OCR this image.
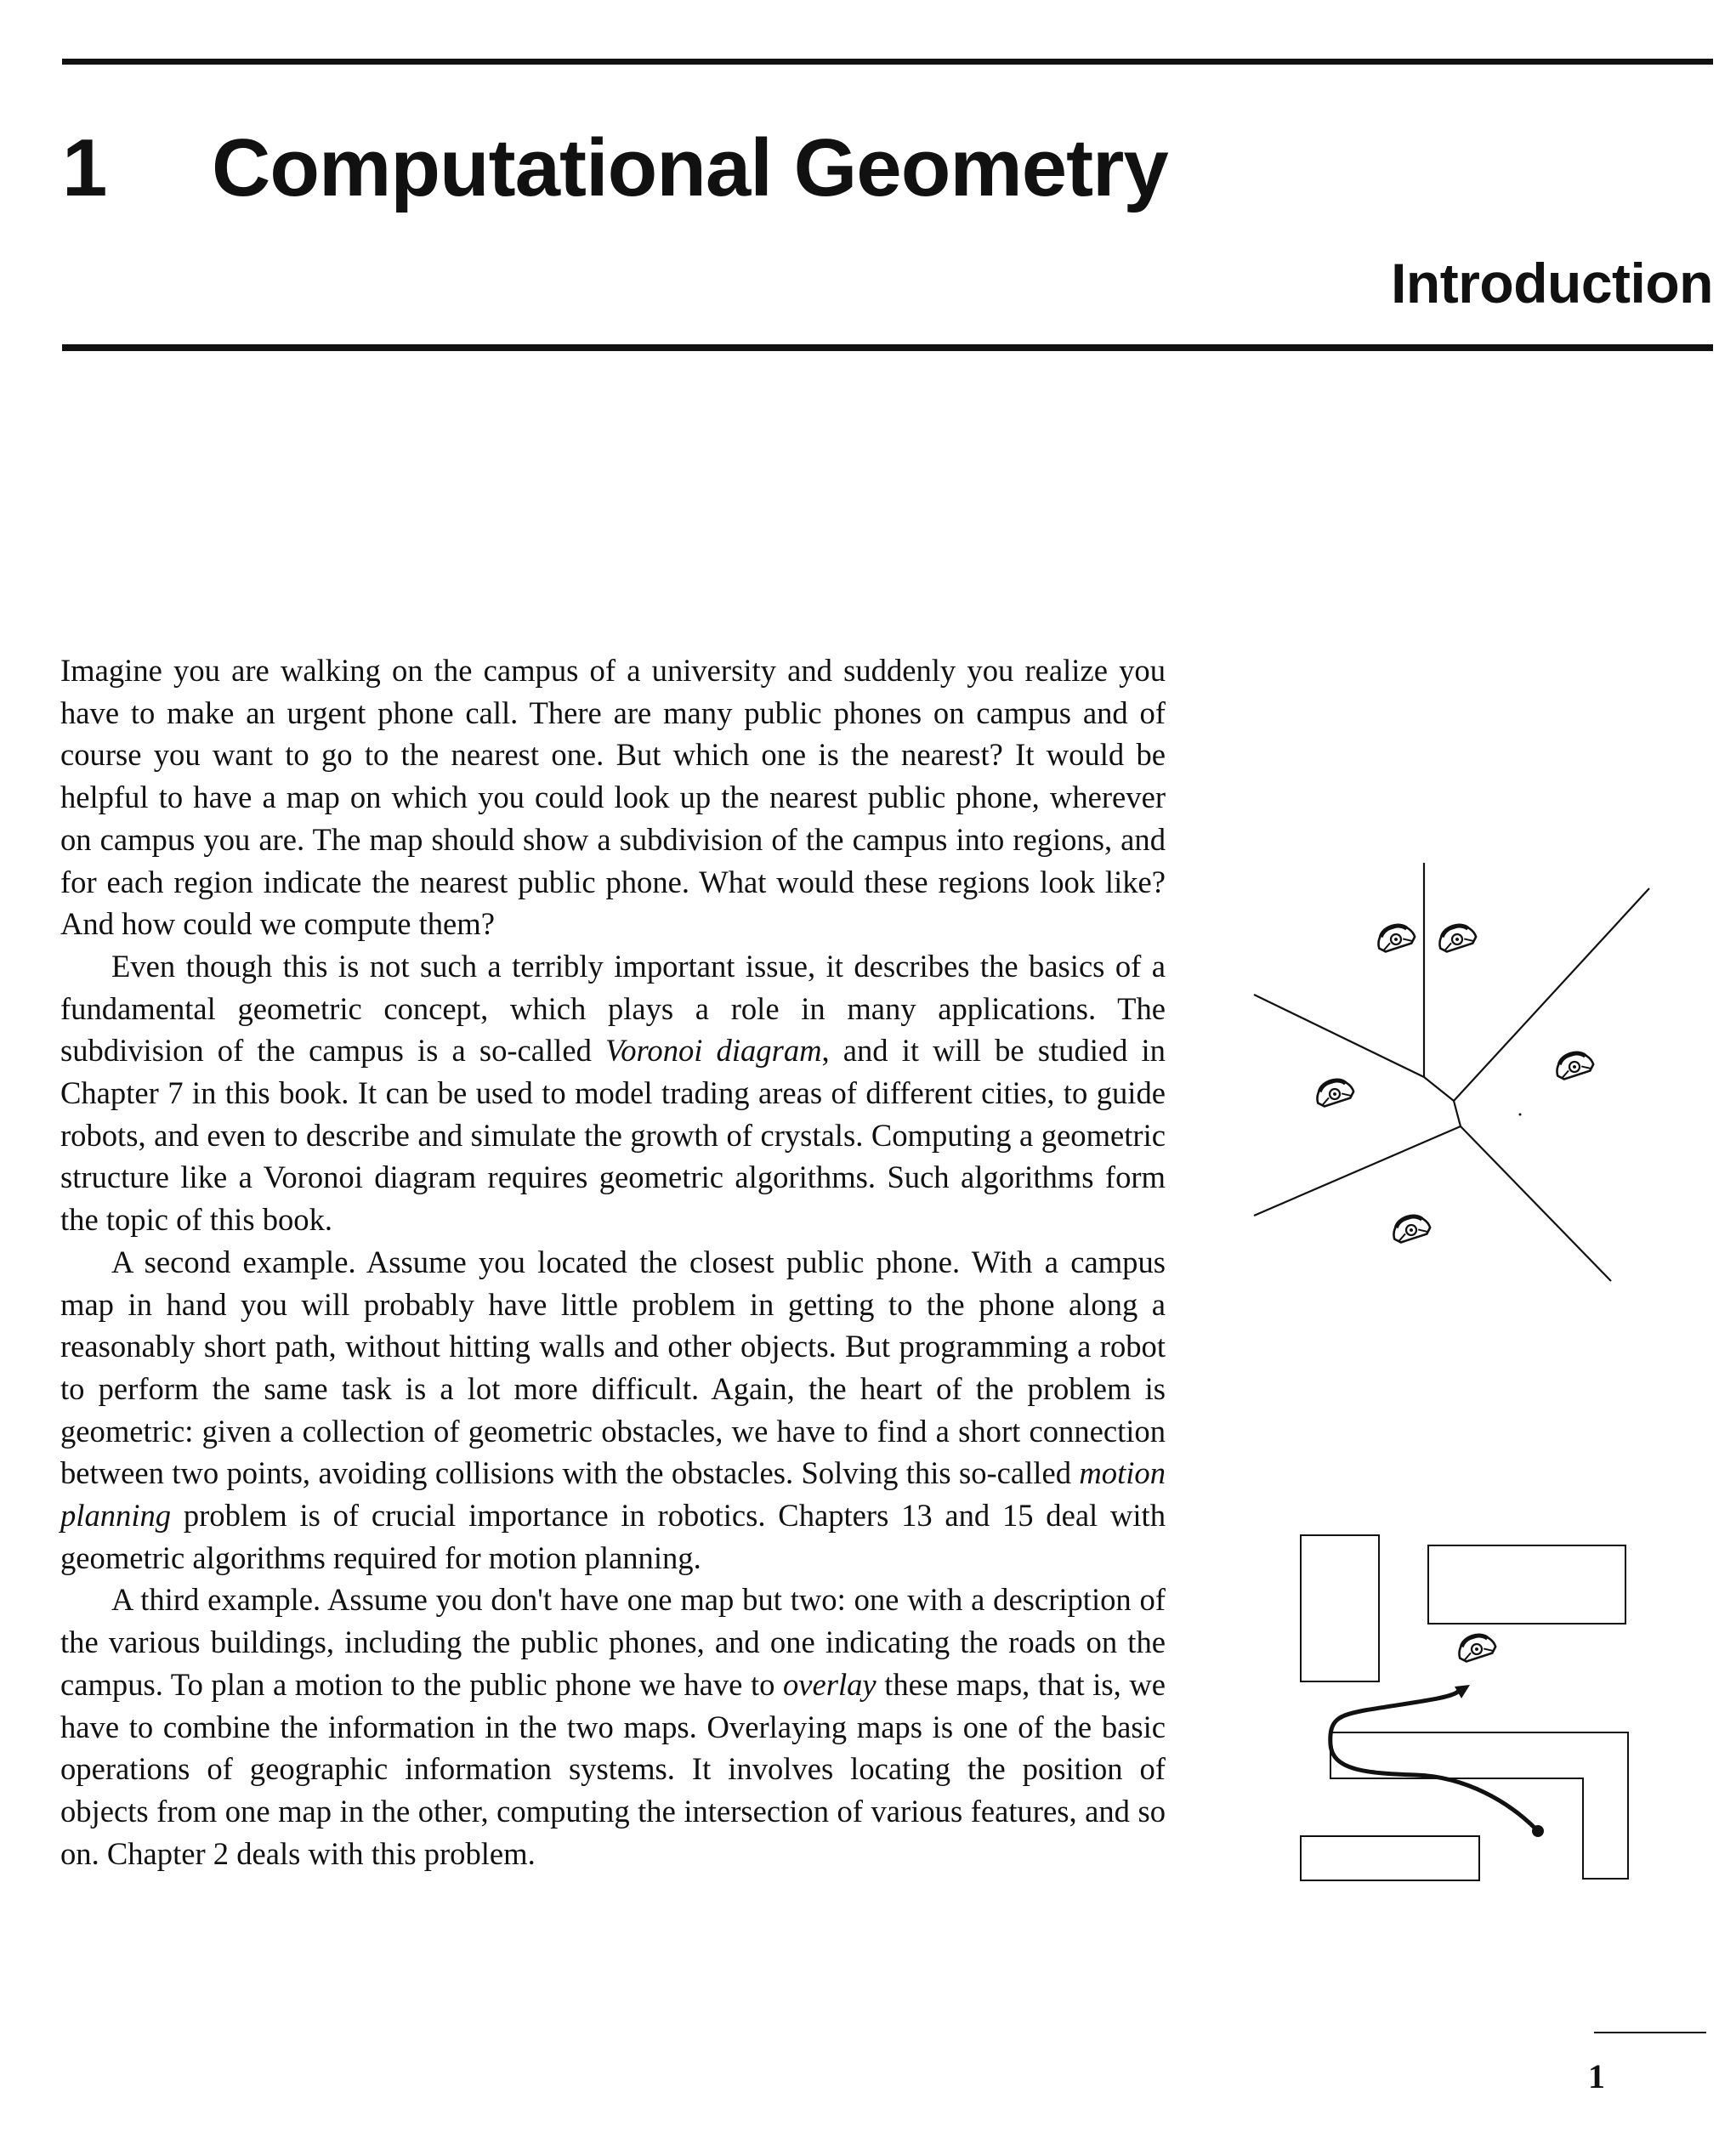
1 Computational Geometry
Introduction

Imagine you are walking on the campus of a university and suddenly you realize you have to make an urgent phone call. There are many public phones on campus and of course you want to go to the nearest one. But which one is the nearest? It would be helpful to have a map on which you could look up the nearest public phone, wherever on campus you are. The map should show a subdivision of the campus into regions, and for each region indicate the nearest public phone. What would these regions look like? And how could we compute them?

Even though this is not such a terribly important issue, it describes the basics of a fundamental geometric concept, which plays a role in many applications. The subdivision of the campus is a so-called Voronoi diagram, and it will be studied in Chapter 7 in this book. It can be used to model trading areas of different cities, to guide robots, and even to describe and simulate the growth of crystals. Computing a geometric structure like a Voronoi diagram requires geometric algorithms. Such algorithms form the topic of this book.

A second example. Assume you located the closest public phone. With a campus map in hand you will probably have little problem in getting to the phone along a reasonably short path, without hitting walls and other objects. But programming a robot to perform the same task is a lot more difficult. Again, the heart of the problem is geometric: given a collection of geometric obstacles, we have to find a short connection between two points, avoiding collisions with the obstacles. Solving this so-called motion planning problem is of crucial importance in robotics. Chapters 13 and 15 deal with geometric algorithms required for motion planning.

A third example. Assume you don't have one map but two: one with a description of the various buildings, including the public phones, and one indicating the roads on the campus. To plan a motion to the public phone we have to overlay these maps, that is, we have to combine the information in the two maps. Overlaying maps is one of the basic operations of geographic information systems. It involves locating the position of objects from one map in the other, computing the intersection of various features, and so on. Chapter 2 deals with this problem.

1
